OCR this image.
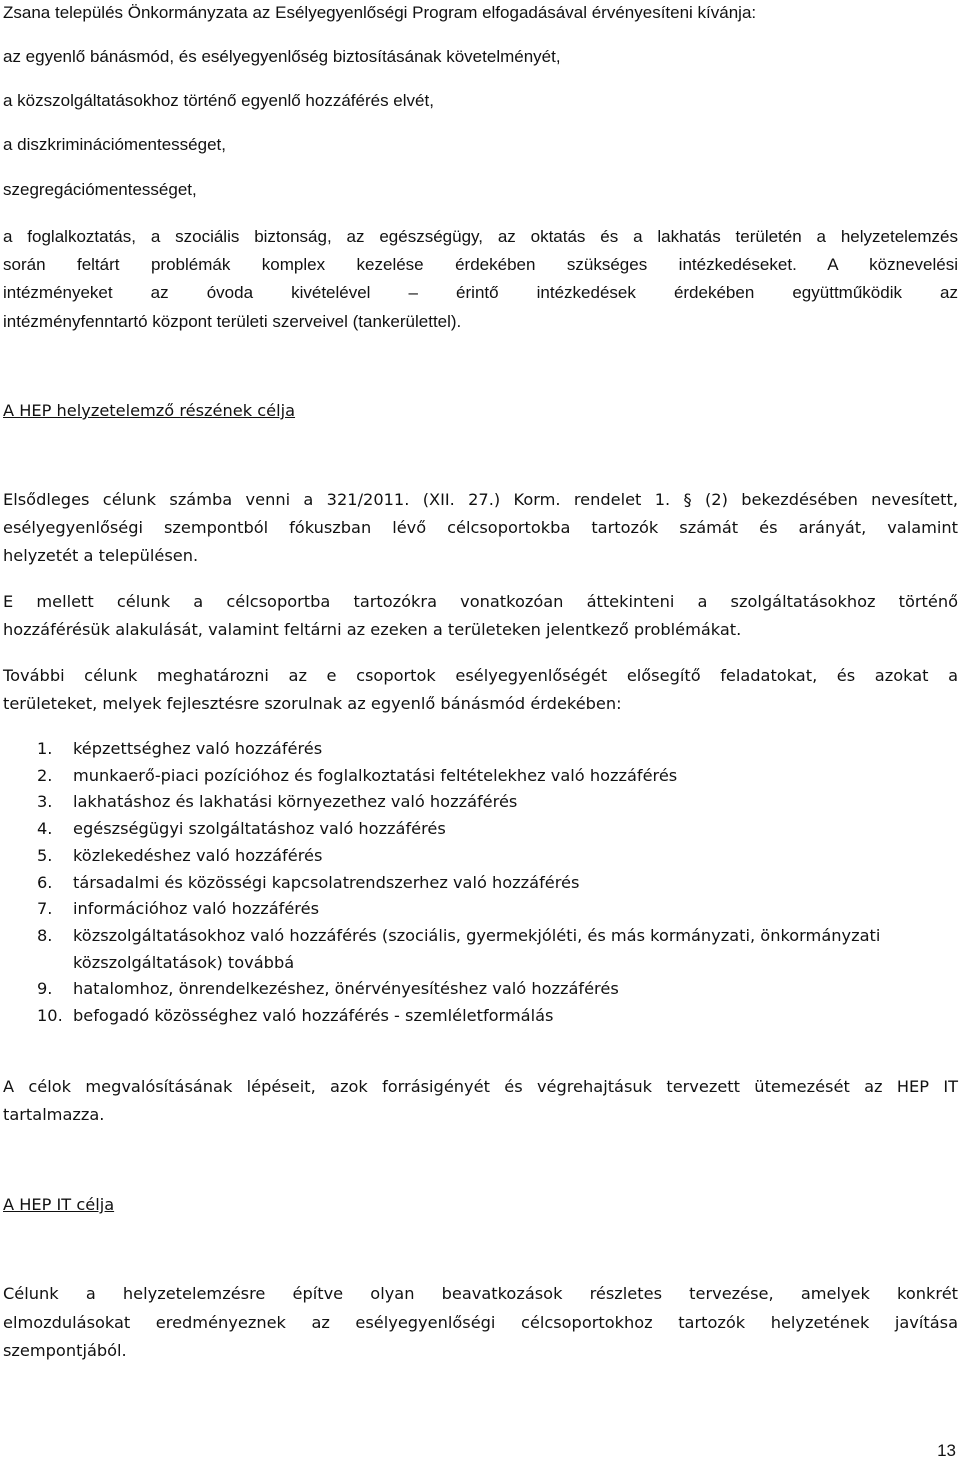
Zsana település Önkormányzata az Esélyegyenlőségi Program elfogadásával érvényesíteni kívánja:
az egyenlő bánásmód, és esélyegyenlőség biztosításának követelményét,
a közszolgáltatásokhoz történő egyenlő hozzáférés elvét,
a diszkriminációmentességet,
szegregációmentességet,
a foglalkoztatás, a szociális biztonság, az egészségügy, az oktatás és a lakhatás területén a helyzetelemzés
során feltárt problémák komplex kezelése érdekében szükséges intézkedéseket. A köznevelési
intézményeket az óvoda kivételével – érintő intézkedések érdekében együttműködik az
intézményfenntartó központ területi szerveivel (tankerülettel).
A HEP helyzetelemző részének célja
Elsődleges célunk számba venni a 321/2011. (XII. 27.) Korm. rendelet 1. § (2) bekezdésében nevesített,
esélyegyenlőségi szempontból fókuszban lévő célcsoportokba tartozók számát és arányát, valamint
helyzetét a településen.
E mellett célunk a célcsoportba tartozókra vonatkozóan áttekinteni a szolgáltatásokhoz történő
hozzáférésük alakulását, valamint feltárni az ezeken a területeken jelentkező problémákat.
További célunk meghatározni az e csoportok esélyegyenlőségét elősegítő feladatokat, és azokat a
területeket, melyek fejlesztésre szorulnak az egyenlő bánásmód érdekében:
1. képzettséghez való hozzáférés
2. munkaerő-piaci pozícióhoz és foglalkoztatási feltételekhez való hozzáférés
3. lakhatáshoz és lakhatási környezethez való hozzáférés
4. egészségügyi szolgáltatáshoz való hozzáférés
5. közlekedéshez való hozzáférés
6. társadalmi és közösségi kapcsolatrendszerhez való hozzáférés
7. információhoz való hozzáférés
8. közszolgáltatásokhoz való hozzáférés (szociális, gyermekjóléti, és más kormányzati, önkormányzati
közszolgáltatások) továbbá
9. hatalomhoz, önrendelkezéshez, önérvényesítéshez való hozzáférés
10. befogadó közösséghez való hozzáférés - szemléletformálás
A célok megvalósításának lépéseit, azok forrásigényét és végrehajtásuk tervezett ütemezését az HEP IT
tartalmazza.
A HEP IT célja
Célunk a helyzetelemzésre építve olyan beavatkozások részletes tervezése, amelyek konkrét
elmozdulásokat eredményeznek az esélyegyenlőségi célcsoportokhoz tartozók helyzetének javítása
szempontjából.
13
